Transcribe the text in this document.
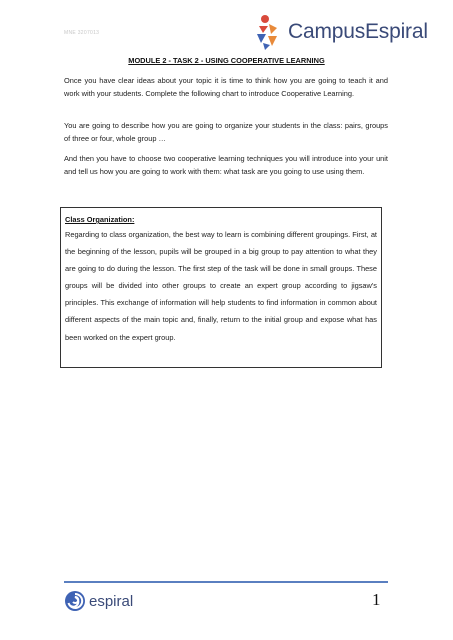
MNE 3207013	CampusEspiral
MODULE 2 - TASK 2 - USING COOPERATIVE LEARNING

Once you have clear ideas about your topic it is time to think how you are going to teach it and work with your students. Complete the following chart to introduce Cooperative Learning.

You are going to describe how you are going to organize your students in the class: pairs, groups of three or four, whole group …

And then you have to choose two cooperative learning techniques you will introduce into your unit and tell us how you are going to work with them: what task are you going to use using them.

Class Organization:

Regarding to class organization, the best way to learn is combining different groupings. First, at the beginning of the lesson, pupils will be grouped in a big group to pay attention to what they are going to do during the lesson. The first step of the task will be done in small groups. These groups will be divided into other groups to create an expert group according to jigsaw's principles. This exchange of information will help students to find information in common about different aspects of the main topic and, finally, return to the initial group and expose what has been worked on the expert group.

espiral	1
